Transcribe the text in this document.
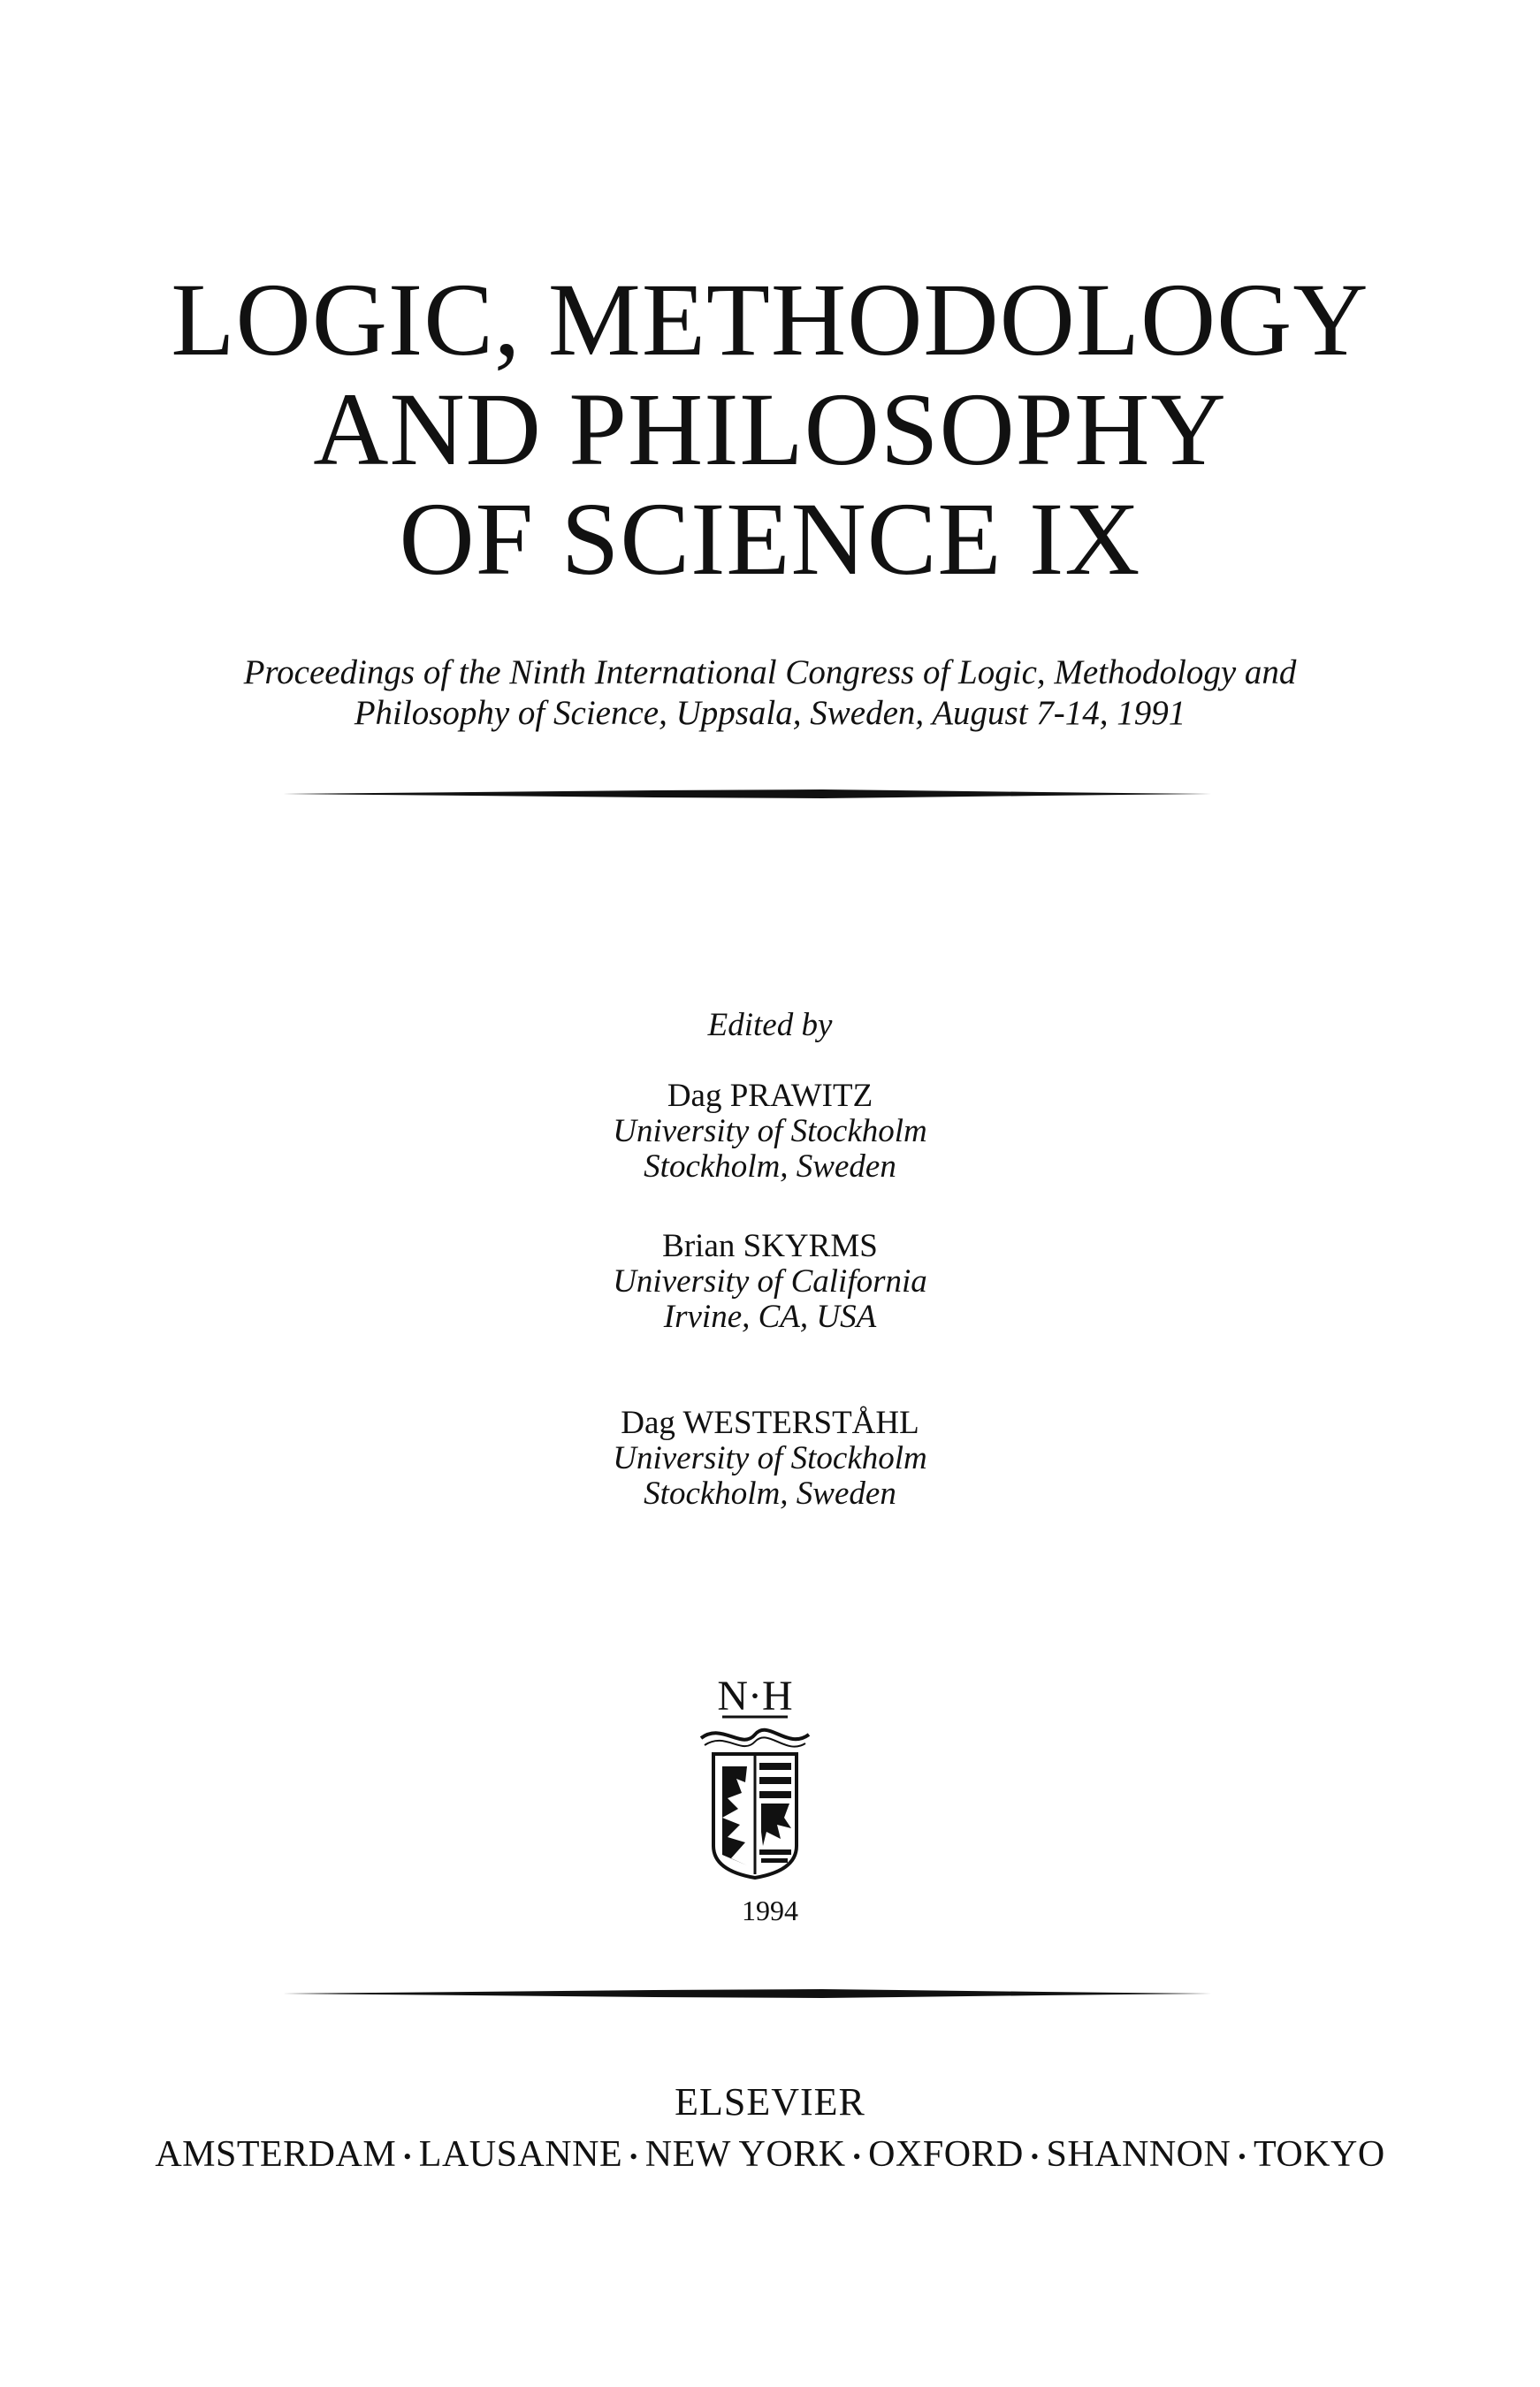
LOGIC, METHODOLOGY
AND PHILOSOPHY
OF SCIENCE IX
Proceedings of the Ninth International Congress of Logic, Methodology and
Philosophy of Science, Uppsala, Sweden, August 7-14, 1991
Edited by
Dag PRAWITZ
University of Stockholm
Stockholm, Sweden
Brian SKYRMS
University of California
Irvine, CA, USA
Dag WESTERSTÅHL
University of Stockholm
Stockholm, Sweden
N·H
1994
ELSEVIER
AMSTERDAM • LAUSANNE • NEW YORK • OXFORD • SHANNON • TOKYO
